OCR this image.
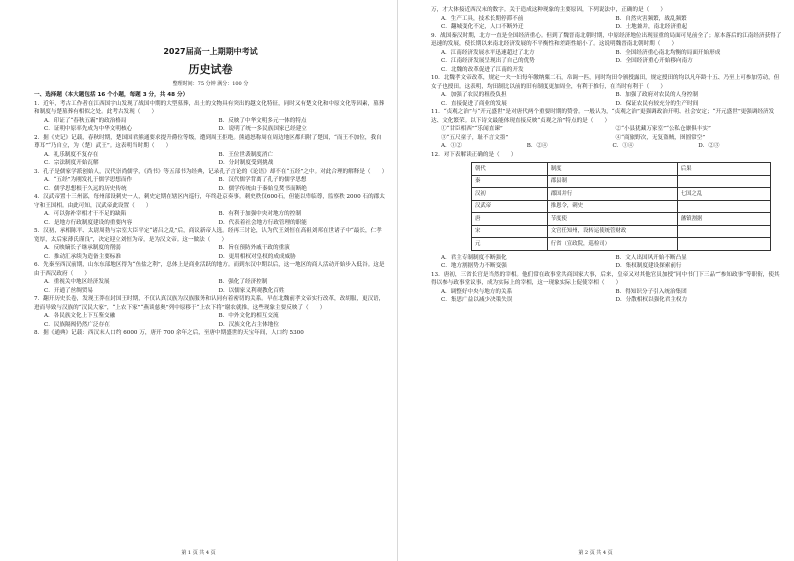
2027届高一上期期中考试
历史试卷
整理时间：75 分钟 满分：100 分
一、选择题（本大题包括 16 个小题，每题 3 分，共 48 分）

1．近年，考古工作者在江西国宇山发现了战国中期的大型墓葬，出土的文物具有突出的越文化特征，同时又有楚文化和中原文化等因素，墓葬和制度与楚墓葬有相似之处。此考古发现（　　）

A．印证了“春秋五霸”的政治格局	B．反映了中华文明多元一体的特点
C．证明中原率先成为中华文明核心	D．说明了统一多民族国家已经建立

2．据《史记》记载，春秋时期，楚国国君熊通要求提升爵位等级，遭到周王拒绝。熊通怒称周在周边地区都归附了楚国，“而王不加位，我自尊耳”“乃自立，为（楚）武王”。这表明当时期（　　）

A．礼乐制度不复存在	B．王位世袭制度消亡
C．宗法制度开始瓦解	D．分封制度受到挑战

3．孔子是儒家学派创始人，汉代崇尚儒学，《尚书》等五部书为经典，记录孔子言论的《论语》却不在“五经”之中。对此合理的解释是（　　）

A．“五经”为刚发扎于儒学思想而作	B．汉代儒学背离了孔子的儒学思想
C．儒学思想根于久远的历史传统	D．儒学传统由于秦始皇焚书而断绝

4．汉武帝置十三州部，每州部设刺史一人，刺史定期在辖区内巡行，年终赴京奏事。刺史秩仅600石，但能以卑临尊，监察秩 2000 石的郡太守和王国相。由此可知，汉武帝此设置（　　）

A．可以弥补宰相才干不足的缺陷	B．有利于加强中央对地方的控制
C．是地方行政制度建设的重要内容	D．代表着社会地方行政管理的职能

5．汉初，承相陈平、太尉周勃与宗室大臣平定“诸吕之乱”后，商议新帝人选。经再三讨论，认为代王刘恒在高祖刘邦在世诸子中“最长，仁孝宽厚，太后家薄氏谨良”，决定迎立刘恒为帝，是为汉文帝。这一做法（　　）

A．反映嫡长子继承制度的削弱	B．旨在预防外戚干政的重演
C．推动汇承续为造备主要标准	D．更用相权对皇权的成成威胁

6．先秦至西汉前期，山东东部地区得为“鱼盐之利”，总体上是商业活跃的地方。而到东汉中期以后，这一地区的商人活动开始步入低谷。这是由于西汉政府（　　）

A．重视关中地区经济发展	B．强化了经济控制
C．开通了丝绸贸易	D．以儒家义利观教化百姓

7．翻开历史长卷，发现王莽在封国王时期，不仅认真汉族为汉族服务和认同有着密切的关系。早在北魏前孝文帝实行改革，改胡服，更汉语，进而导致与汉族的“汉民大家”，“上农下家”“燕谈慈奥”列中原移于“上农下将”谢农就推，这些现象主要反映了（　　）

A．各民族文化上下互鉴交融	B．中外文化的相互交流
C．民族隔阂仍然广泛存在	D．汉族文化占主体地位

8．据《通典》记载：西汉末人口约 6000 万，唐开 700 余年之后，至唐中期盛世的天宝年间，人口约 5300

第 1 页 共 4 页

万，才大体接近西汉末的数字。关于造成这种现象的主要原因，下列说法中，正确的是（　　）

A．生产工具，技术长期停滞不前	B．自然灾害频繁，战乱频繁
C．翻城变化不定，人口不断外迁	D．土地兼并，南北经济重起

9．战国秦汉时期，北方一直是全国经济重心。但到了魏晋南北朝时期，中原经济地位出现显重的局面可见前全了；原本落后的江南经济获得了迅速的发展，使长期以来南北经济发展的不平衡性和差距性缩小了。这说明魏晋南北朝时期（　　）

A．江南经济发展水平迅速超过了北方	B．全国经济重心南北均衡的局面开始形成
C．江南经济发展呈现出了自己的优势	D．全国经济重心开始移向南方
C．北魏的改革促进了江南的开发

10．北魏孝文帝改革，规定一夫一妇每年缴纳粟二石，帛调一匹，同时均田令颁授露田，规定授田的均以凡年龄十五、乃至上可参加劳动，但女子也授田。这表明，均田制比以前的旧有制度更加周全，有利于推行，在当时有利于（　　）

A．加强了农民的租役负担	B．加强了政府对农民的人身控制
C．直接促进了商业的发展	D．保证农民有较充分的生产时间

11．“贞观之治”与“开元盛世”是对唐代两个重要时期的赞誉。一般认为，“贞观之治”更强调政治开明、社会安定；“开元盛世”更强调经济发达、文化繁荣。以下诗文最能体现直接反映“贞观之治”特点的是（　　）

①“甘臣相西”“乐闻直谏”	②“小县犹藏万家室”“公私仓廪俱丰实”
③“五尺童子，耻不言文墨”	④“商旅野次，无复盗贼，囹圄常空”
A．①②	B．②④	C．①④	D．②③

12．对下表解读正确的是（　　）

朝代	制度	后果
秦	郡县制	
汉初	郡国并行	七国之乱
汉武帝	推恩令，刺史	
唐	节度使	藩镇割据
宋	文官任知州，设转运使统管财政	
元	行省（宣政院，巡检司）	
A．君主专制制度不断强化	B．文人出国风开始不断凸显
C．地方割据势力不断变强	D．集权制度建设探索前行

13．唐初，三省长官是当然的宰相。他们常在政事堂共商国家大事，后来，皇帝又对其他官员加授“同中书门下三品”“参知政事”等职衔，使其得以参与政事堂议事，成为实际上的宰相，这一现象实际上促使宰相（　　）

A．调整好中央与地方的关系	B．得知识分子引入统治集团
C．集思广益以减少决策失误	D．分散相权以强化君主权力
第 2 页 共 4 页
